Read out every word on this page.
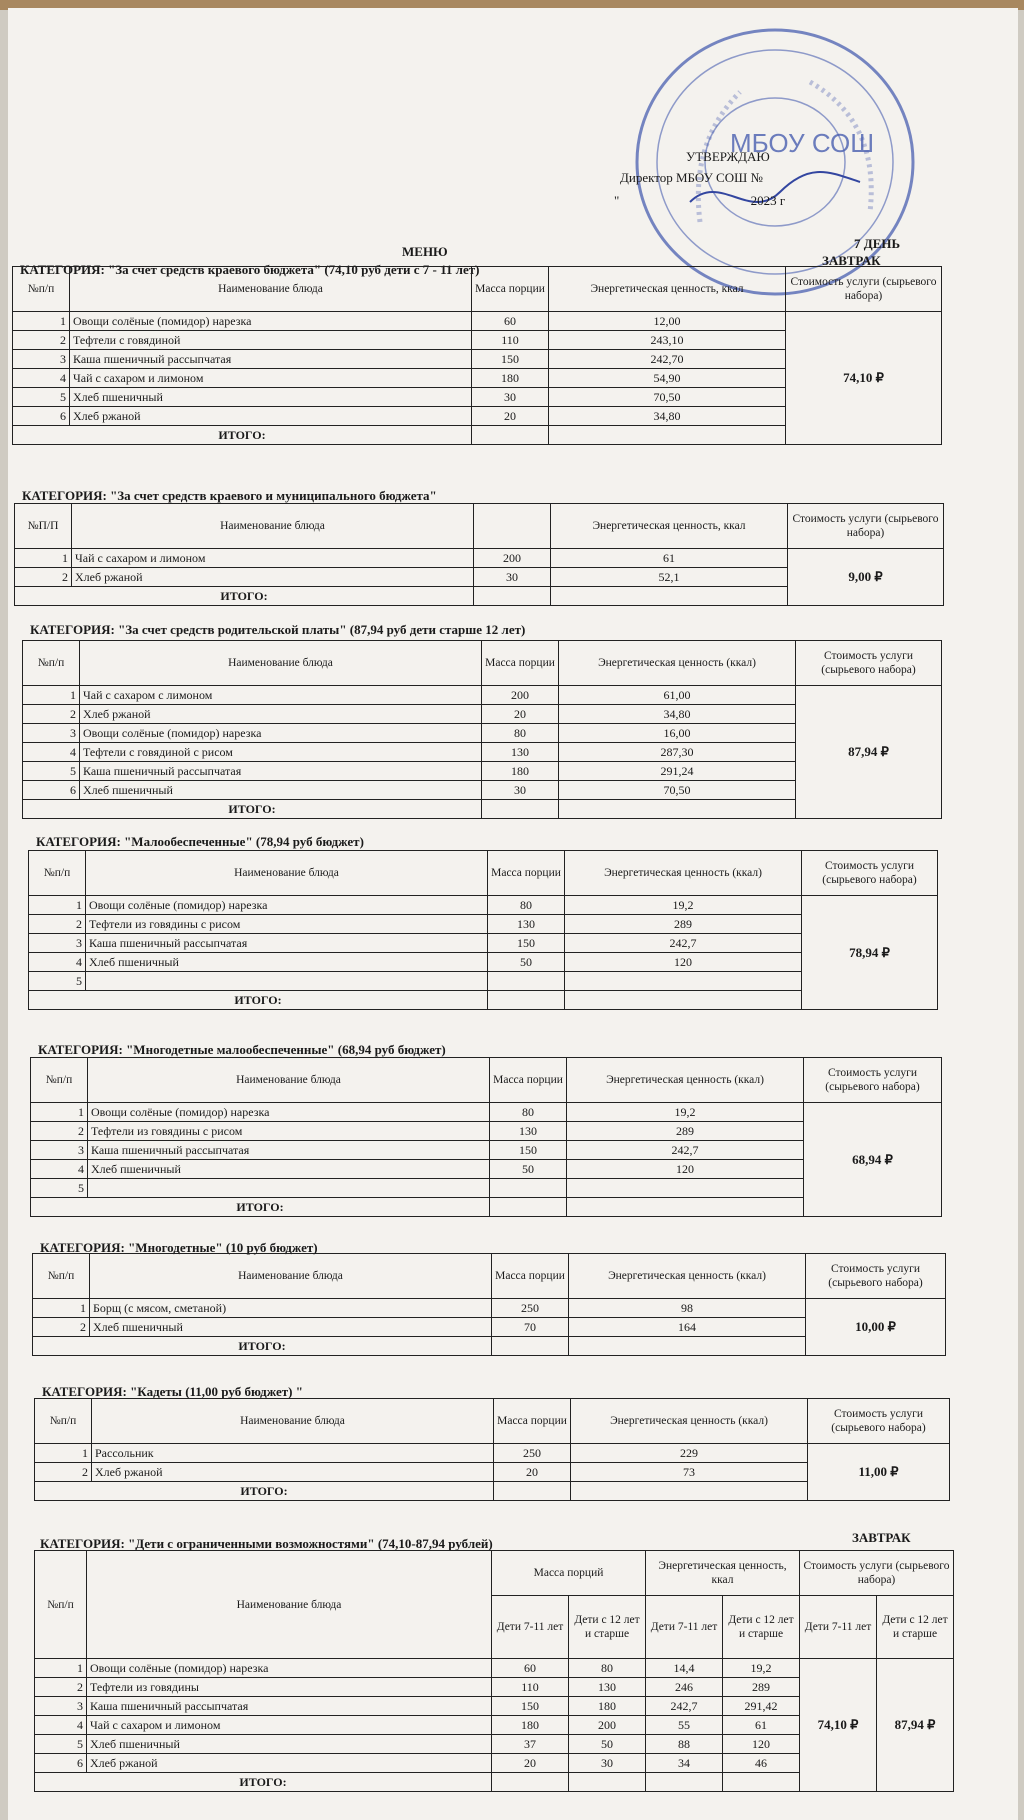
МБОУ СОШ
УТВЕРЖДАЮ
Директор МБОУ СОШ №
"	2023 г
МЕНЮ
7 ДЕНЬ
ЗАВТРАК
КАТЕГОРИЯ: "За счет средств краевого бюджета" (74,10 руб дети с 7 - 11 лет)
№п/п	Наименование блюда	Масса порции	Энергетическая ценность, ккал	Стоимость услуги (сырьевого набора)
1	Овощи солёные (помидор) нарезка	60	12,00	74,10 ₽
2	Тефтели с говядиной	110	243,10	
3	Каша пшеничный рассыпчатая	150	242,70	
4	Чай с сахаром и лимоном	180	54,90	
5	Хлеб пшеничный	30	70,50	
6	Хлеб ржаной	20	34,80	
ИТОГО:				
КАТЕГОРИЯ: "За счет средств краевого и муниципального бюджета"
№П/П	Наименование блюда		Энергетическая ценность, ккал	Стоимость услуги (сырьевого набора)
1	Чай с сахаром и лимоном	200	61	9,00 ₽
2	Хлеб ржаной	30	52,1	
ИТОГО:				
КАТЕГОРИЯ: "За счет средств родительской платы" (87,94 руб дети старше 12 лет)
№п/п	Наименование блюда	Масса порции	Энергетическая ценность (ккал)	Стоимость услуги (сырьевого набора)
1	Чай с сахаром с лимоном	200	61,00	87,94 ₽
2	Хлеб ржаной	20	34,80	
3	Овощи солёные (помидор) нарезка	80	16,00	
4	Тефтели с говядиной с рисом	130	287,30	
5	Каша пшеничный рассыпчатая	180	291,24	
6	Хлеб пшеничный	30	70,50	
ИТОГО:				
КАТЕГОРИЯ: "Малообеспеченные" (78,94 руб бюджет)
№п/п	Наименование блюда	Масса порции	Энергетическая ценность (ккал)	Стоимость услуги (сырьевого набора)
1	Овощи солёные (помидор) нарезка	80	19,2	78,94 ₽
2	Тефтели из говядины с рисом	130	289	
3	Каша пшеничный рассыпчатая	150	242,7	
4	Хлеб пшеничный	50	120	
5				
ИТОГО:				
КАТЕГОРИЯ: "Многодетные малообеспеченные" (68,94 руб бюджет)
№п/п	Наименование блюда	Масса порции	Энергетическая ценность (ккал)	Стоимость услуги (сырьевого набора)
1	Овощи солёные (помидор) нарезка	80	19,2	68,94 ₽
2	Тефтели из говядины с рисом	130	289	
3	Каша пшеничный рассыпчатая	150	242,7	
4	Хлеб пшеничный	50	120	
5				
ИТОГО:				
КАТЕГОРИЯ: "Многодетные" (10 руб бюджет)
№п/п	Наименование блюда	Масса порции	Энергетическая ценность (ккал)	Стоимость услуги (сырьевого набора)
1	Борщ (с мясом, сметаной)	250	98	10,00 ₽
2	Хлеб пшеничный	70	164	
ИТОГО:				
КАТЕГОРИЯ: "Кадеты (11,00 руб бюджет) "
№п/п	Наименование блюда	Масса порции	Энергетическая ценность (ккал)	Стоимость услуги (сырьевого набора)
1	Рассольник	250	229	11,00 ₽
2	Хлеб ржаной	20	73	
ИТОГО:				
КАТЕГОРИЯ: "Дети с ограниченными возможностями" (74,10-87,94 рублей)	ЗАВТРАК
№п/п	Наименование блюда	Масса порций		Энергетическая ценность, ккал		Стоимость услуги (сырьевого набора)	
		Дети 7-11 лет	Дети с 12 лет и старше	Дети 7-11 лет	Дети с 12 лет и старше	Дети 7-11 лет	Дети с 12 лет и старше
1	Овощи солёные (помидор) нарезка	60	80	14,4	19,2	74,10 ₽	87,94 ₽
2	Тефтели из говядины	110	130	246	289		
3	Каша пшеничный рассыпчатая	150	180	242,7	291,42		
4	Чай с сахаром и лимоном	180	200	55	61		
5	Хлеб пшеничный	37	50	88	120		
6	Хлеб ржаной	20	30	34	46		
ИТОГО:							
